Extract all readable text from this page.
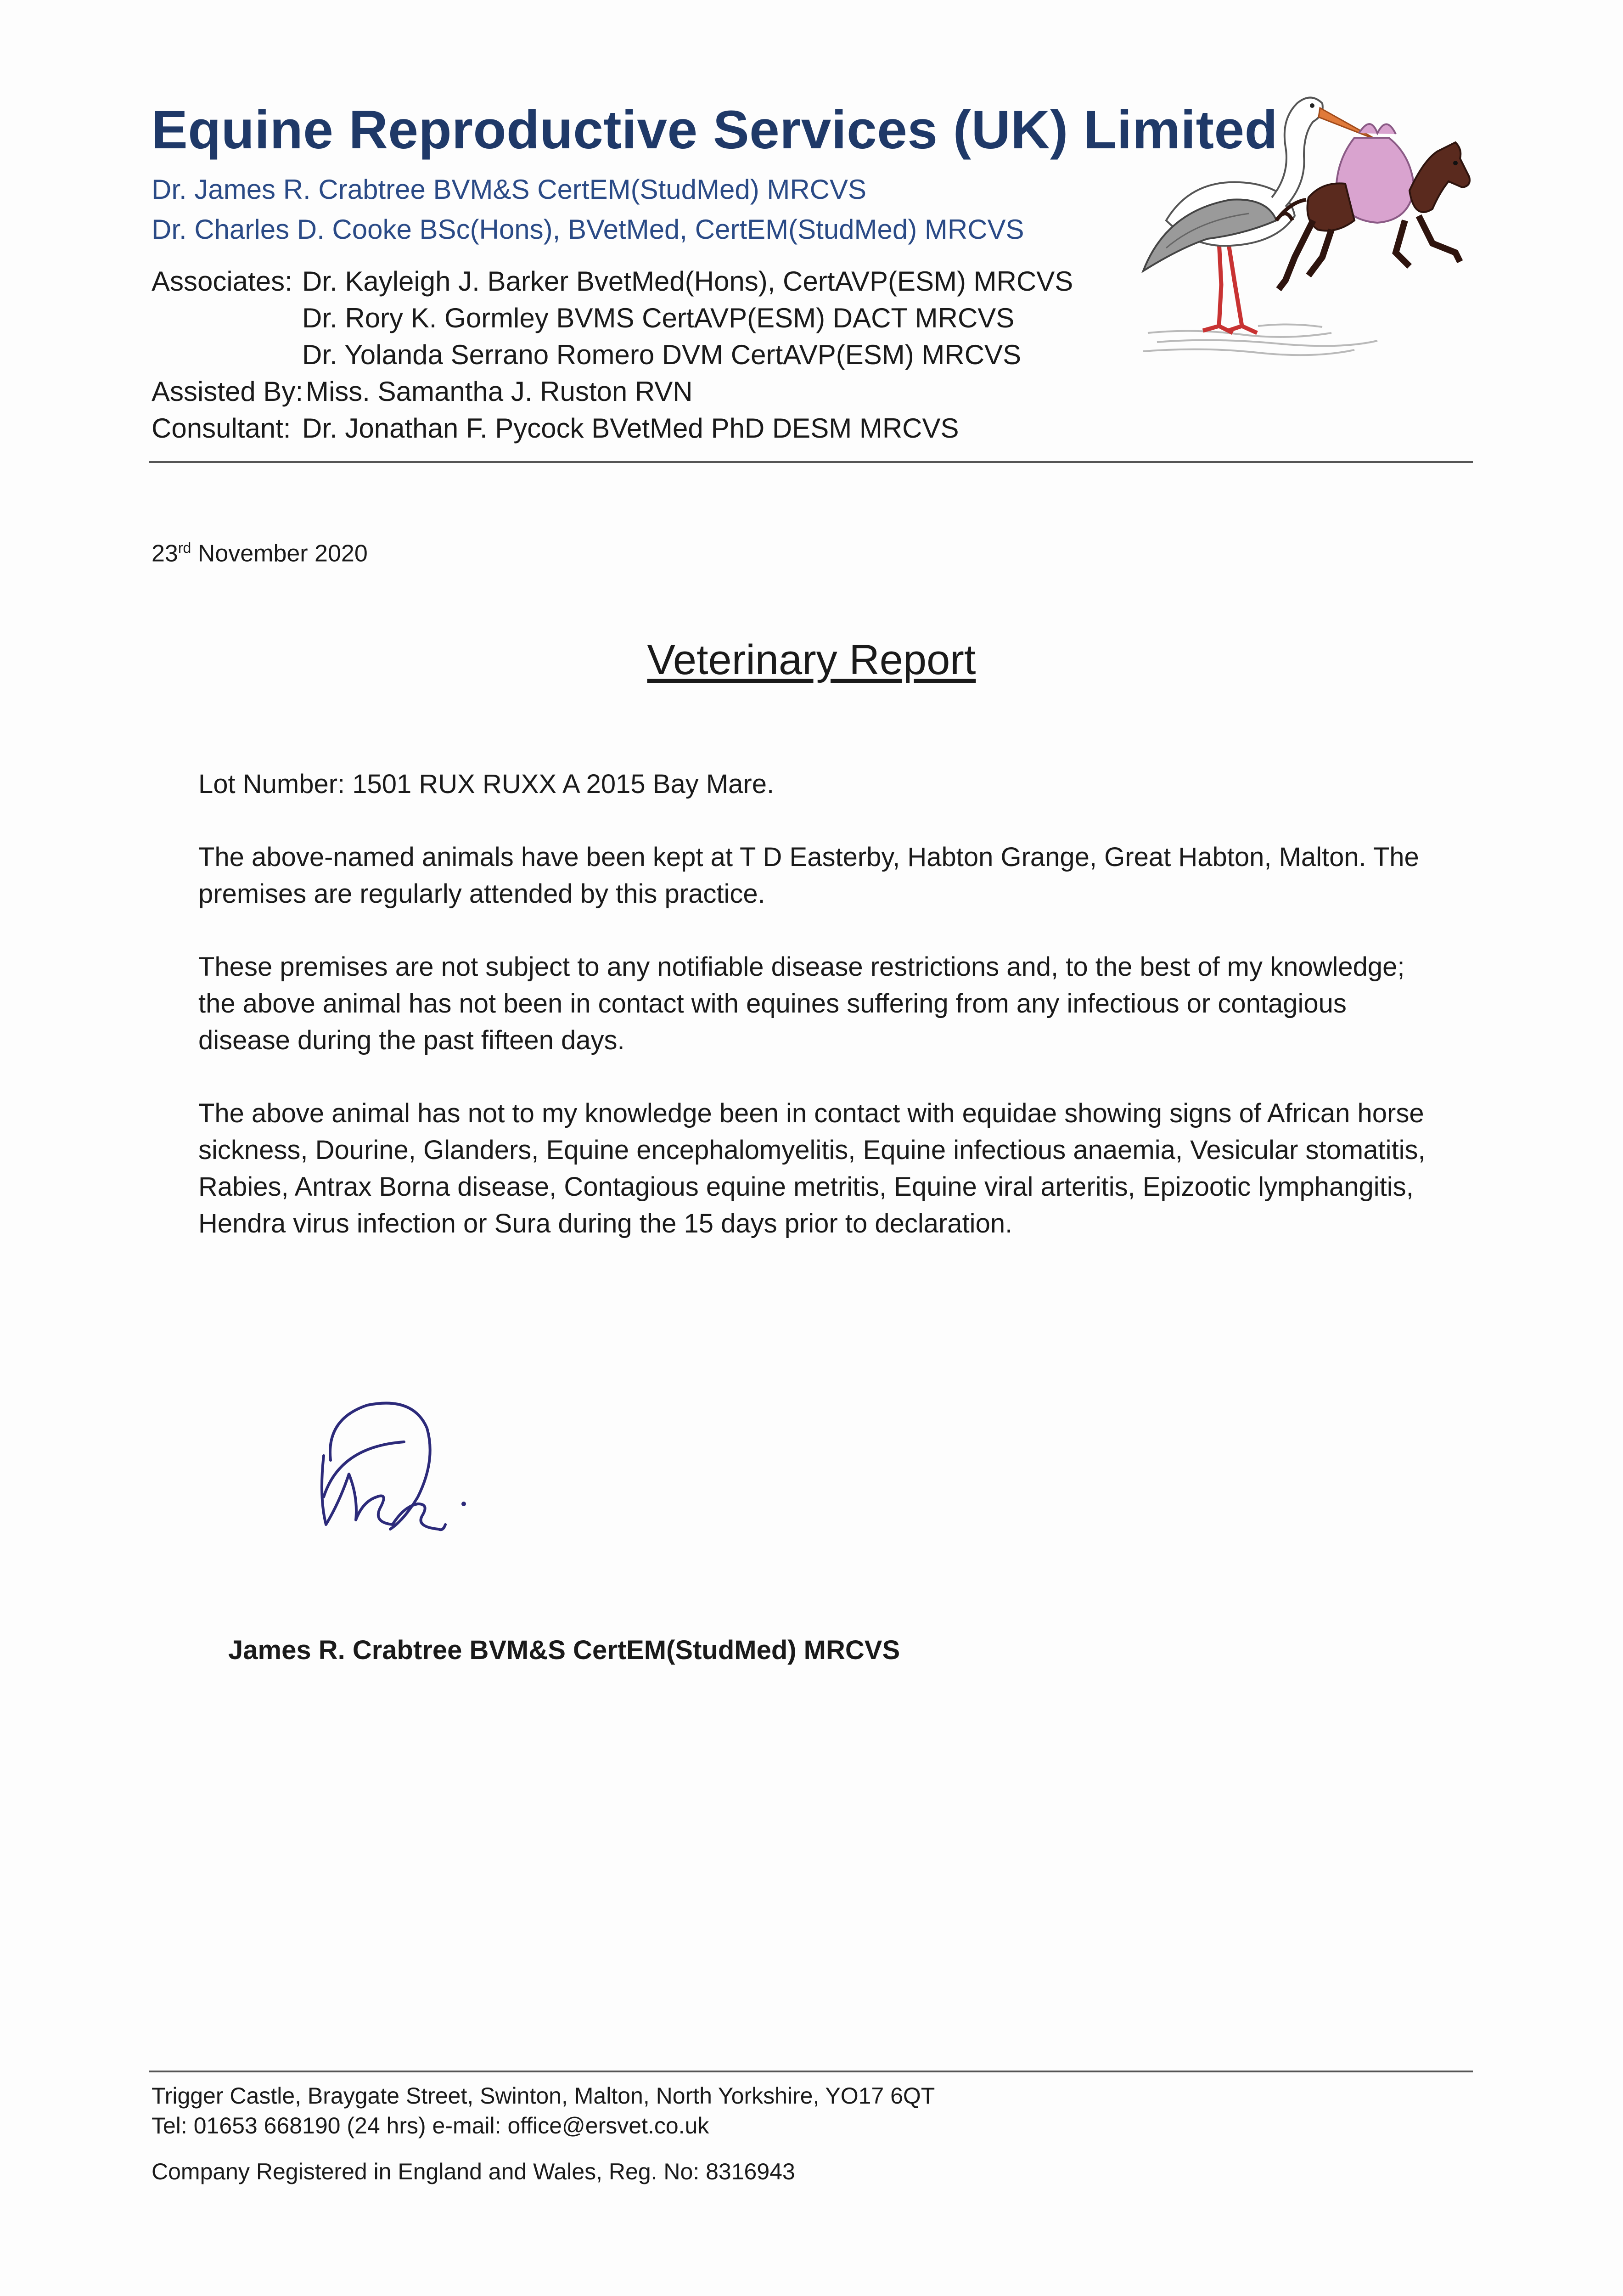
Equine Reproductive Services (UK) Limited
Dr. James R. Crabtree BVM&S CertEM(StudMed) MRCVS
Dr. Charles D. Cooke BSc(Hons), BVetMed, CertEM(StudMed) MRCVS
Associates: Dr. Kayleigh J. Barker BvetMed(Hons), CertAVP(ESM) MRCVS
Dr. Rory K. Gormley BVMS CertAVP(ESM) DACT MRCVS
Dr. Yolanda Serrano Romero DVM CertAVP(ESM) MRCVS
Assisted By: Miss. Samantha J. Ruston RVN
Consultant: Dr. Jonathan F. Pycock BVetMed PhD DESM MRCVS
23rd November 2020
Veterinary Report

Lot Number: 1501 RUX RUXX A 2015 Bay Mare.

The above-named animals have been kept at T D Easterby, Habton Grange, Great Habton, Malton. The premises are regularly attended by this practice.

These premises are not subject to any notifiable disease restrictions and, to the best of my knowledge; the above animal has not been in contact with equines suffering from any infectious or contagious disease during the past fifteen days.

The above animal has not to my knowledge been in contact with equidae showing signs of African horse sickness, Dourine, Glanders, Equine encephalomyelitis, Equine infectious anaemia, Vesicular stomatitis, Rabies, Antrax Borna disease, Contagious equine metritis, Equine viral arteritis, Epizootic lymphangitis, Hendra virus infection or Sura during the 15 days prior to declaration.

James R. Crabtree BVM&S CertEM(StudMed) MRCVS
Trigger Castle, Braygate Street, Swinton, Malton, North Yorkshire, YO17 6QT
Tel: 01653 668190 (24 hrs) e-mail: office@ersvet.co.uk
Company Registered in England and Wales, Reg. No: 8316943
